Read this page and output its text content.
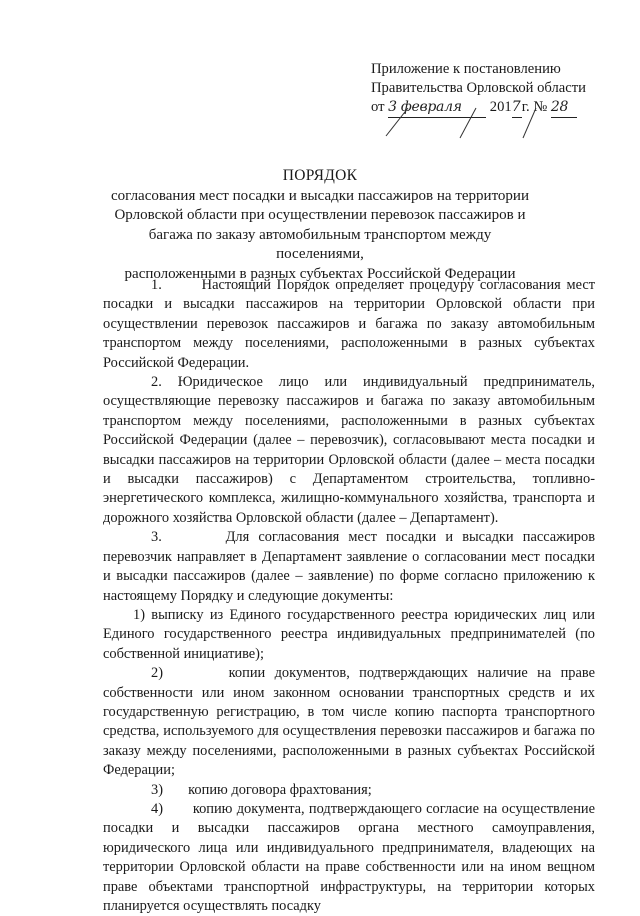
Приложение к постановлению
Правительства Орловской области
от 3 февраля 2017г. № 28
ПОРЯДОК
согласования мест посадки и высадки пассажиров на территории
Орловской области при осуществлении перевозок пассажиров и
багажа по заказу автомобильным транспортом между поселениями,
расположенными в разных субъектах Российской Федерации

1.       Настоящий Порядок определяет процедуру согласования мест посадки и высадки пассажиров на территории Орловской области при осуществлении перевозок пассажиров и багажа по заказу автомобильным транспортом между поселениями, расположенными в разных субъектах Российской Федерации.

2. Юридическое лицо или индивидуальный предприниматель, осуществляющие перевозку пассажиров и багажа по заказу автомобильным транспортом между поселениями, расположенными в разных субъектах Российской Федерации (далее – перевозчик), согласовывают места посадки и высадки пассажиров на территории Орловской области (далее – места посадки и высадки пассажиров) с Департаментом строительства, топливно-энергетического комплекса, жилищно-коммунального хозяйства, транспорта и дорожного хозяйства Орловской области (далее – Департамент).

3.       Для согласования мест посадки и высадки пассажиров перевозчик направляет в Департамент заявление о согласовании мест посадки и высадки пассажиров (далее – заявление) по форме согласно приложению к настоящему Порядку и следующие документы:

1) выписку из Единого государственного реестра юридических лиц или Единого государственного реестра индивидуальных предпринимателей (по собственной инициативе);

2)       копии документов, подтверждающих наличие на праве собственности или ином законном основании транспортных средств и их государственную регистрацию, в том числе копию паспорта транспортного средства, используемого для осуществления перевозки пассажиров и багажа по заказу между поселениями, расположенными в разных субъектах Российской Федерации;

3)       копию договора фрахтования;

4)       копию документа, подтверждающего согласие на осуществление посадки и высадки пассажиров органа местного самоуправления, юридического лица или индивидуального предпринимателя, владеющих на территории Орловской области на праве собственности или на ином вещном праве объектами транспортной инфраструктуры, на территории которых планируется осуществлять посадку
